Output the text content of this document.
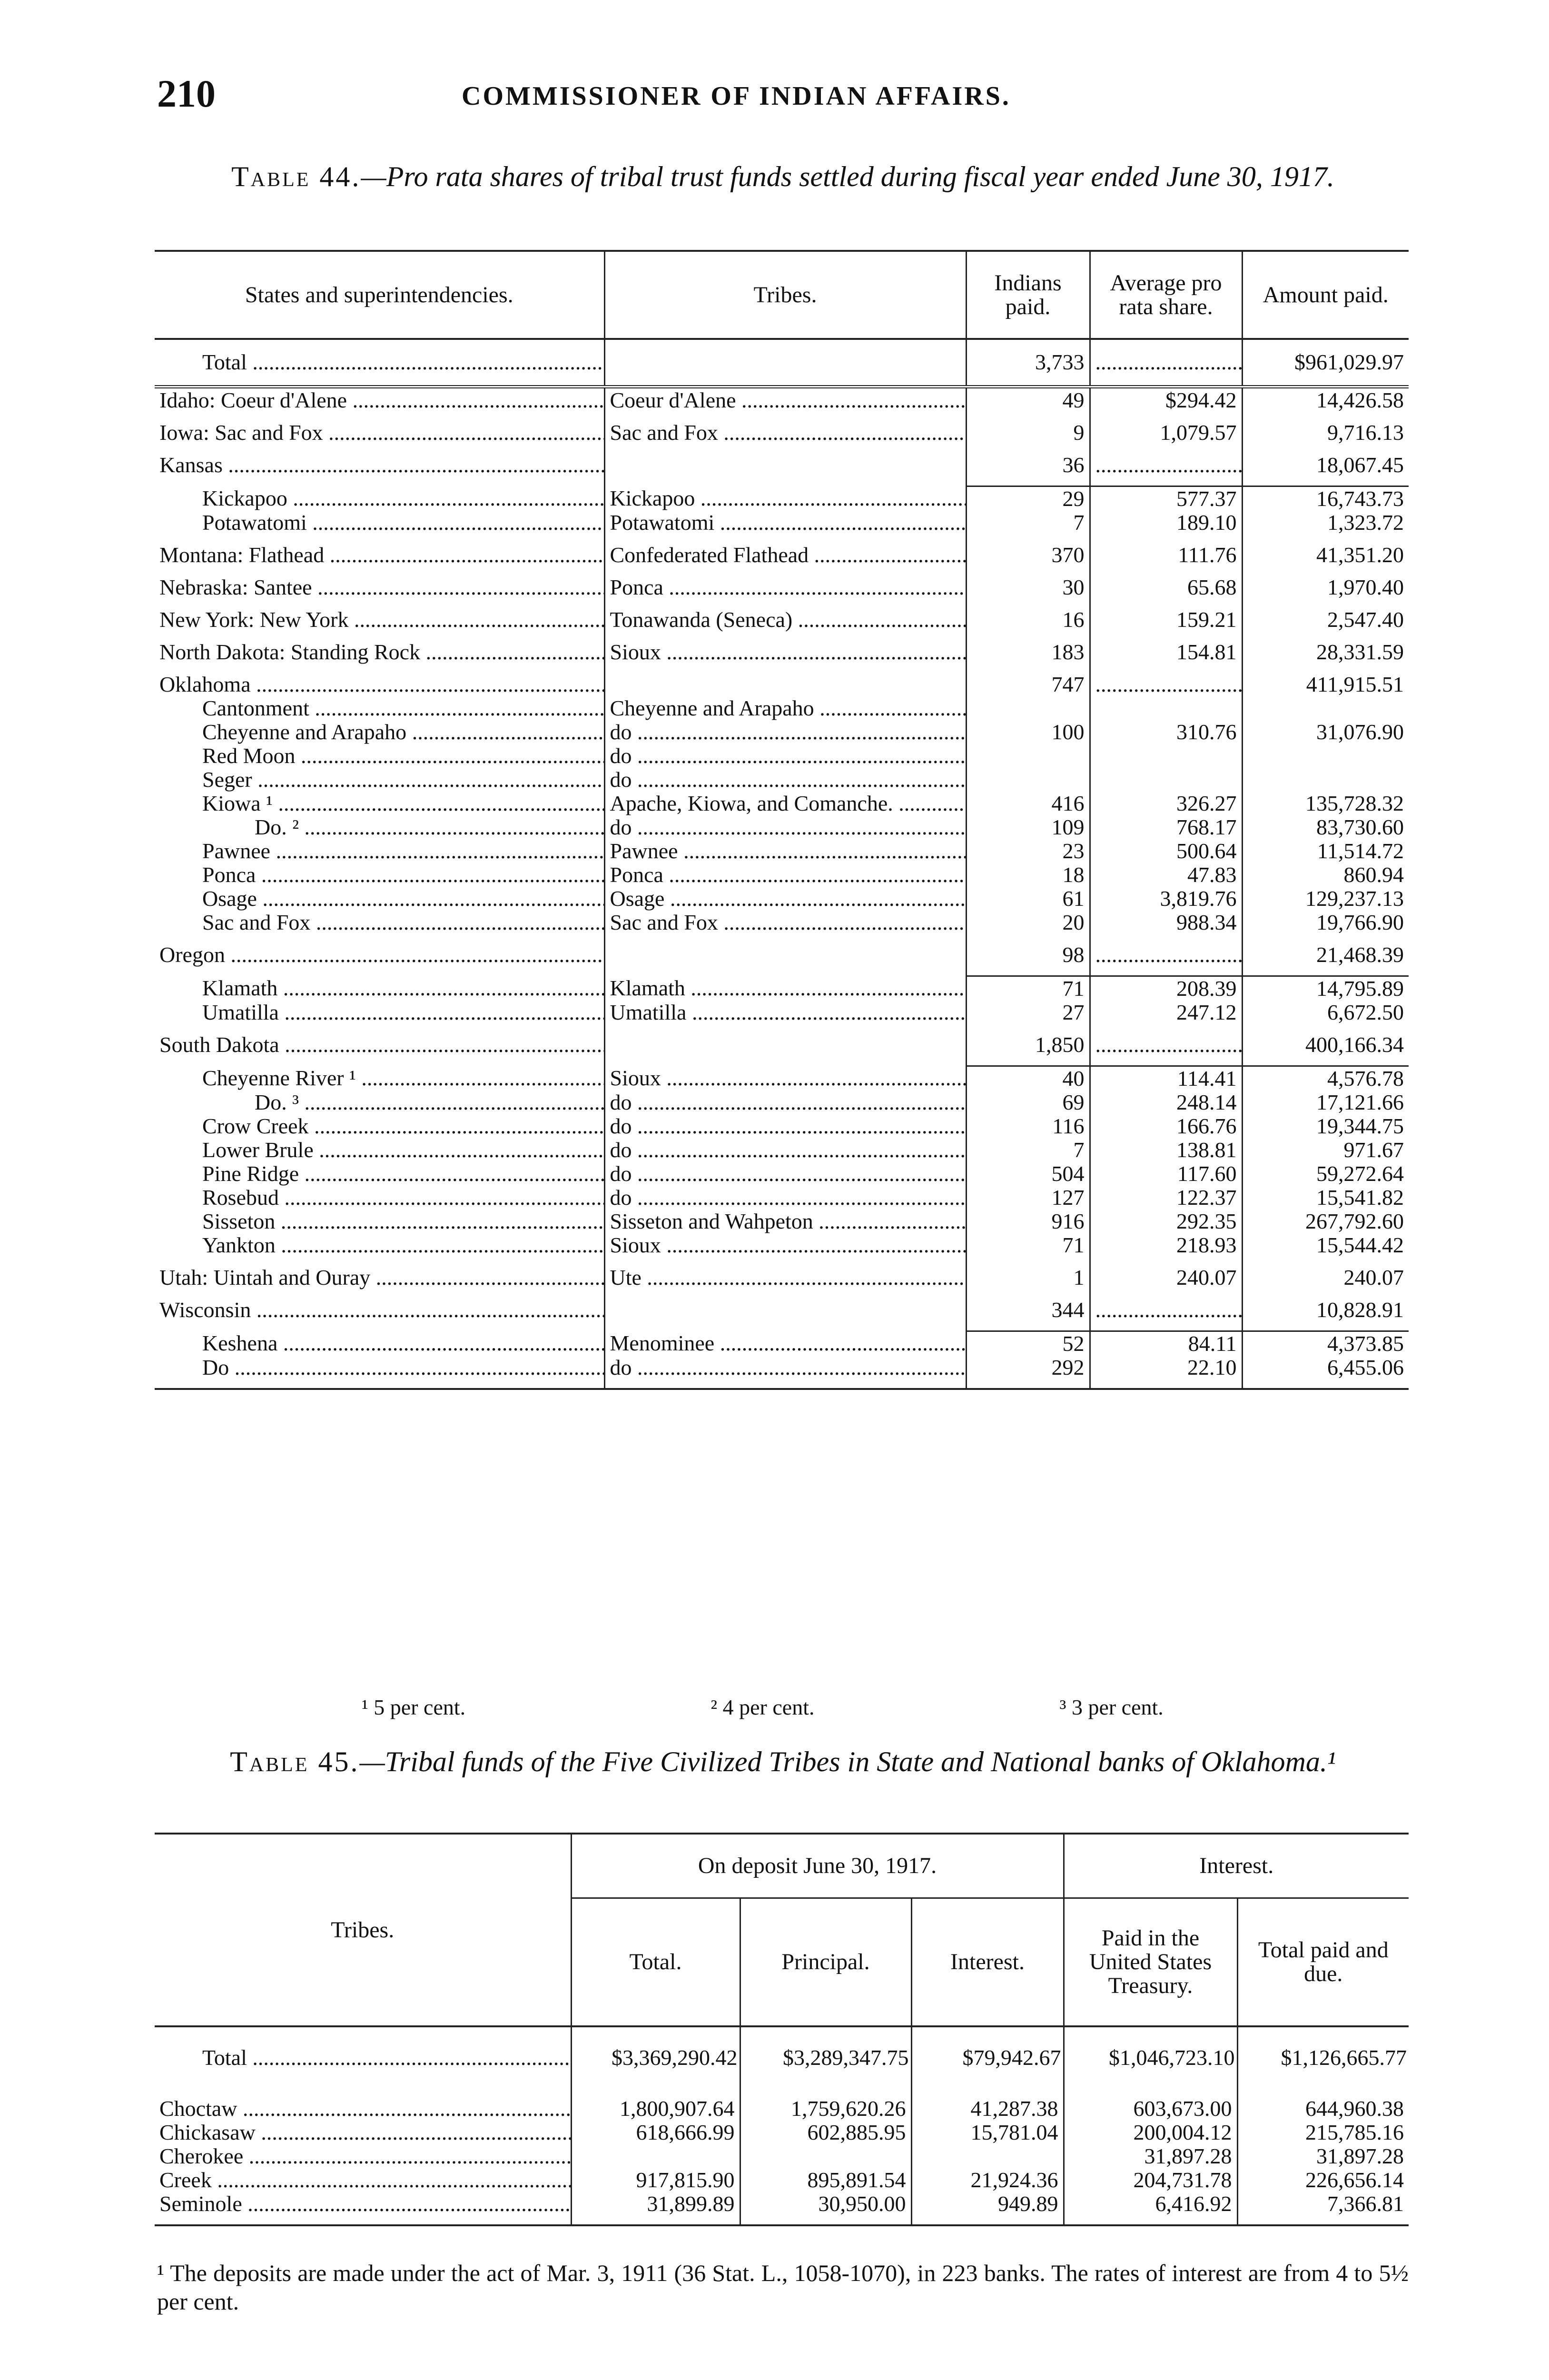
210	COMMISSIONER OF INDIAN AFFAIRS.
Table 44.—Pro rata shares of tribal trust funds settled during fiscal year ended June 30, 1917.
States and superintendencies.	Tribes.	Indians paid.	Average pro rata share.	Amount paid.
Total .....		3,733	.....	$961,029.97
Idaho: Coeur d'Alene .....	Coeur d'Alene .....	49	$294.42	14,426.58

Iowa: Sac and Fox .....	Sac and Fox .....	9	1,079.57	9,716.13

Kansas .....		36	.....	18,067.45

Kickapoo .....	Kickapoo .....	29	577.37	16,743.73
Potawatomi .....	Potawatomi .....	7	189.10	1,323.72

Montana: Flathead .....	Confederated Flathead .....	370	111.76	41,351.20

Nebraska: Santee .....	Ponca .....	30	65.68	1,970.40

New York: New York .....	Tonawanda (Seneca) .....	16	159.21	2,547.40

North Dakota: Standing Rock .....	Sioux .....	183	154.81	28,331.59

Oklahoma .....		747	.....	411,915.51
Cantonment .....	Cheyenne and Arapaho .....			
Cheyenne and Arapaho .....	do .....	100	310.76	31,076.90
Red Moon .....	do .....			
Seger .....	do .....			
Kiowa ¹ .....	Apache, Kiowa, and Comanche. .....	416	326.27	135,728.32
Do. ² .....	do .....	109	768.17	83,730.60
Pawnee .....	Pawnee .....	23	500.64	11,514.72
Ponca .....	Ponca .....	18	47.83	860.94
Osage .....	Osage .....	61	3,819.76	129,237.13
Sac and Fox .....	Sac and Fox .....	20	988.34	19,766.90

Oregon .....		98	.....	21,468.39

Klamath .....	Klamath .....	71	208.39	14,795.89
Umatilla .....	Umatilla .....	27	247.12	6,672.50

South Dakota .....		1,850	.....	400,166.34

Cheyenne River ¹ .....	Sioux .....	40	114.41	4,576.78
Do. ³ .....	do .....	69	248.14	17,121.66
Crow Creek .....	do .....	116	166.76	19,344.75
Lower Brule .....	do .....	7	138.81	971.67
Pine Ridge .....	do .....	504	117.60	59,272.64
Rosebud .....	do .....	127	122.37	15,541.82
Sisseton .....	Sisseton and Wahpeton .....	916	292.35	267,792.60
Yankton .....	Sioux .....	71	218.93	15,544.42

Utah: Uintah and Ouray .....	Ute .....	1	240.07	240.07

Wisconsin .....		344	.....	10,828.91

Keshena .....	Menominee .....	52	84.11	4,373.85
Do .....	do .....	292	22.10	6,455.06

¹ 5 per cent.	² 4 per cent.	³ 3 per cent.
Table 45.—Tribal funds of the Five Civilized Tribes in State and National banks of Oklahoma.¹
Tribes.	On deposit June 30, 1917.			Interest.	
	Total.	Principal.	Interest.	Paid in the United States Treasury.	Total paid and due.
Total .....	$3,369,290.42	$3,289,347.75	$79,942.67	$1,046,723.10	$1,126,665.77

Choctaw .....	1,800,907.64	1,759,620.26	41,287.38	603,673.00	644,960.38
Chickasaw .....	618,666.99	602,885.95	15,781.04	200,004.12	215,785.16
Cherokee .....				31,897.28	31,897.28
Creek .....	917,815.90	895,891.54	21,924.36	204,731.78	226,656.14
Seminole .....	31,899.89	30,950.00	949.89	6,416.92	7,366.81

¹ The deposits are made under the act of Mar. 3, 1911 (36 Stat. L., 1058-1070), in 223 banks. The rates of interest are from 4 to 5½ per cent.
